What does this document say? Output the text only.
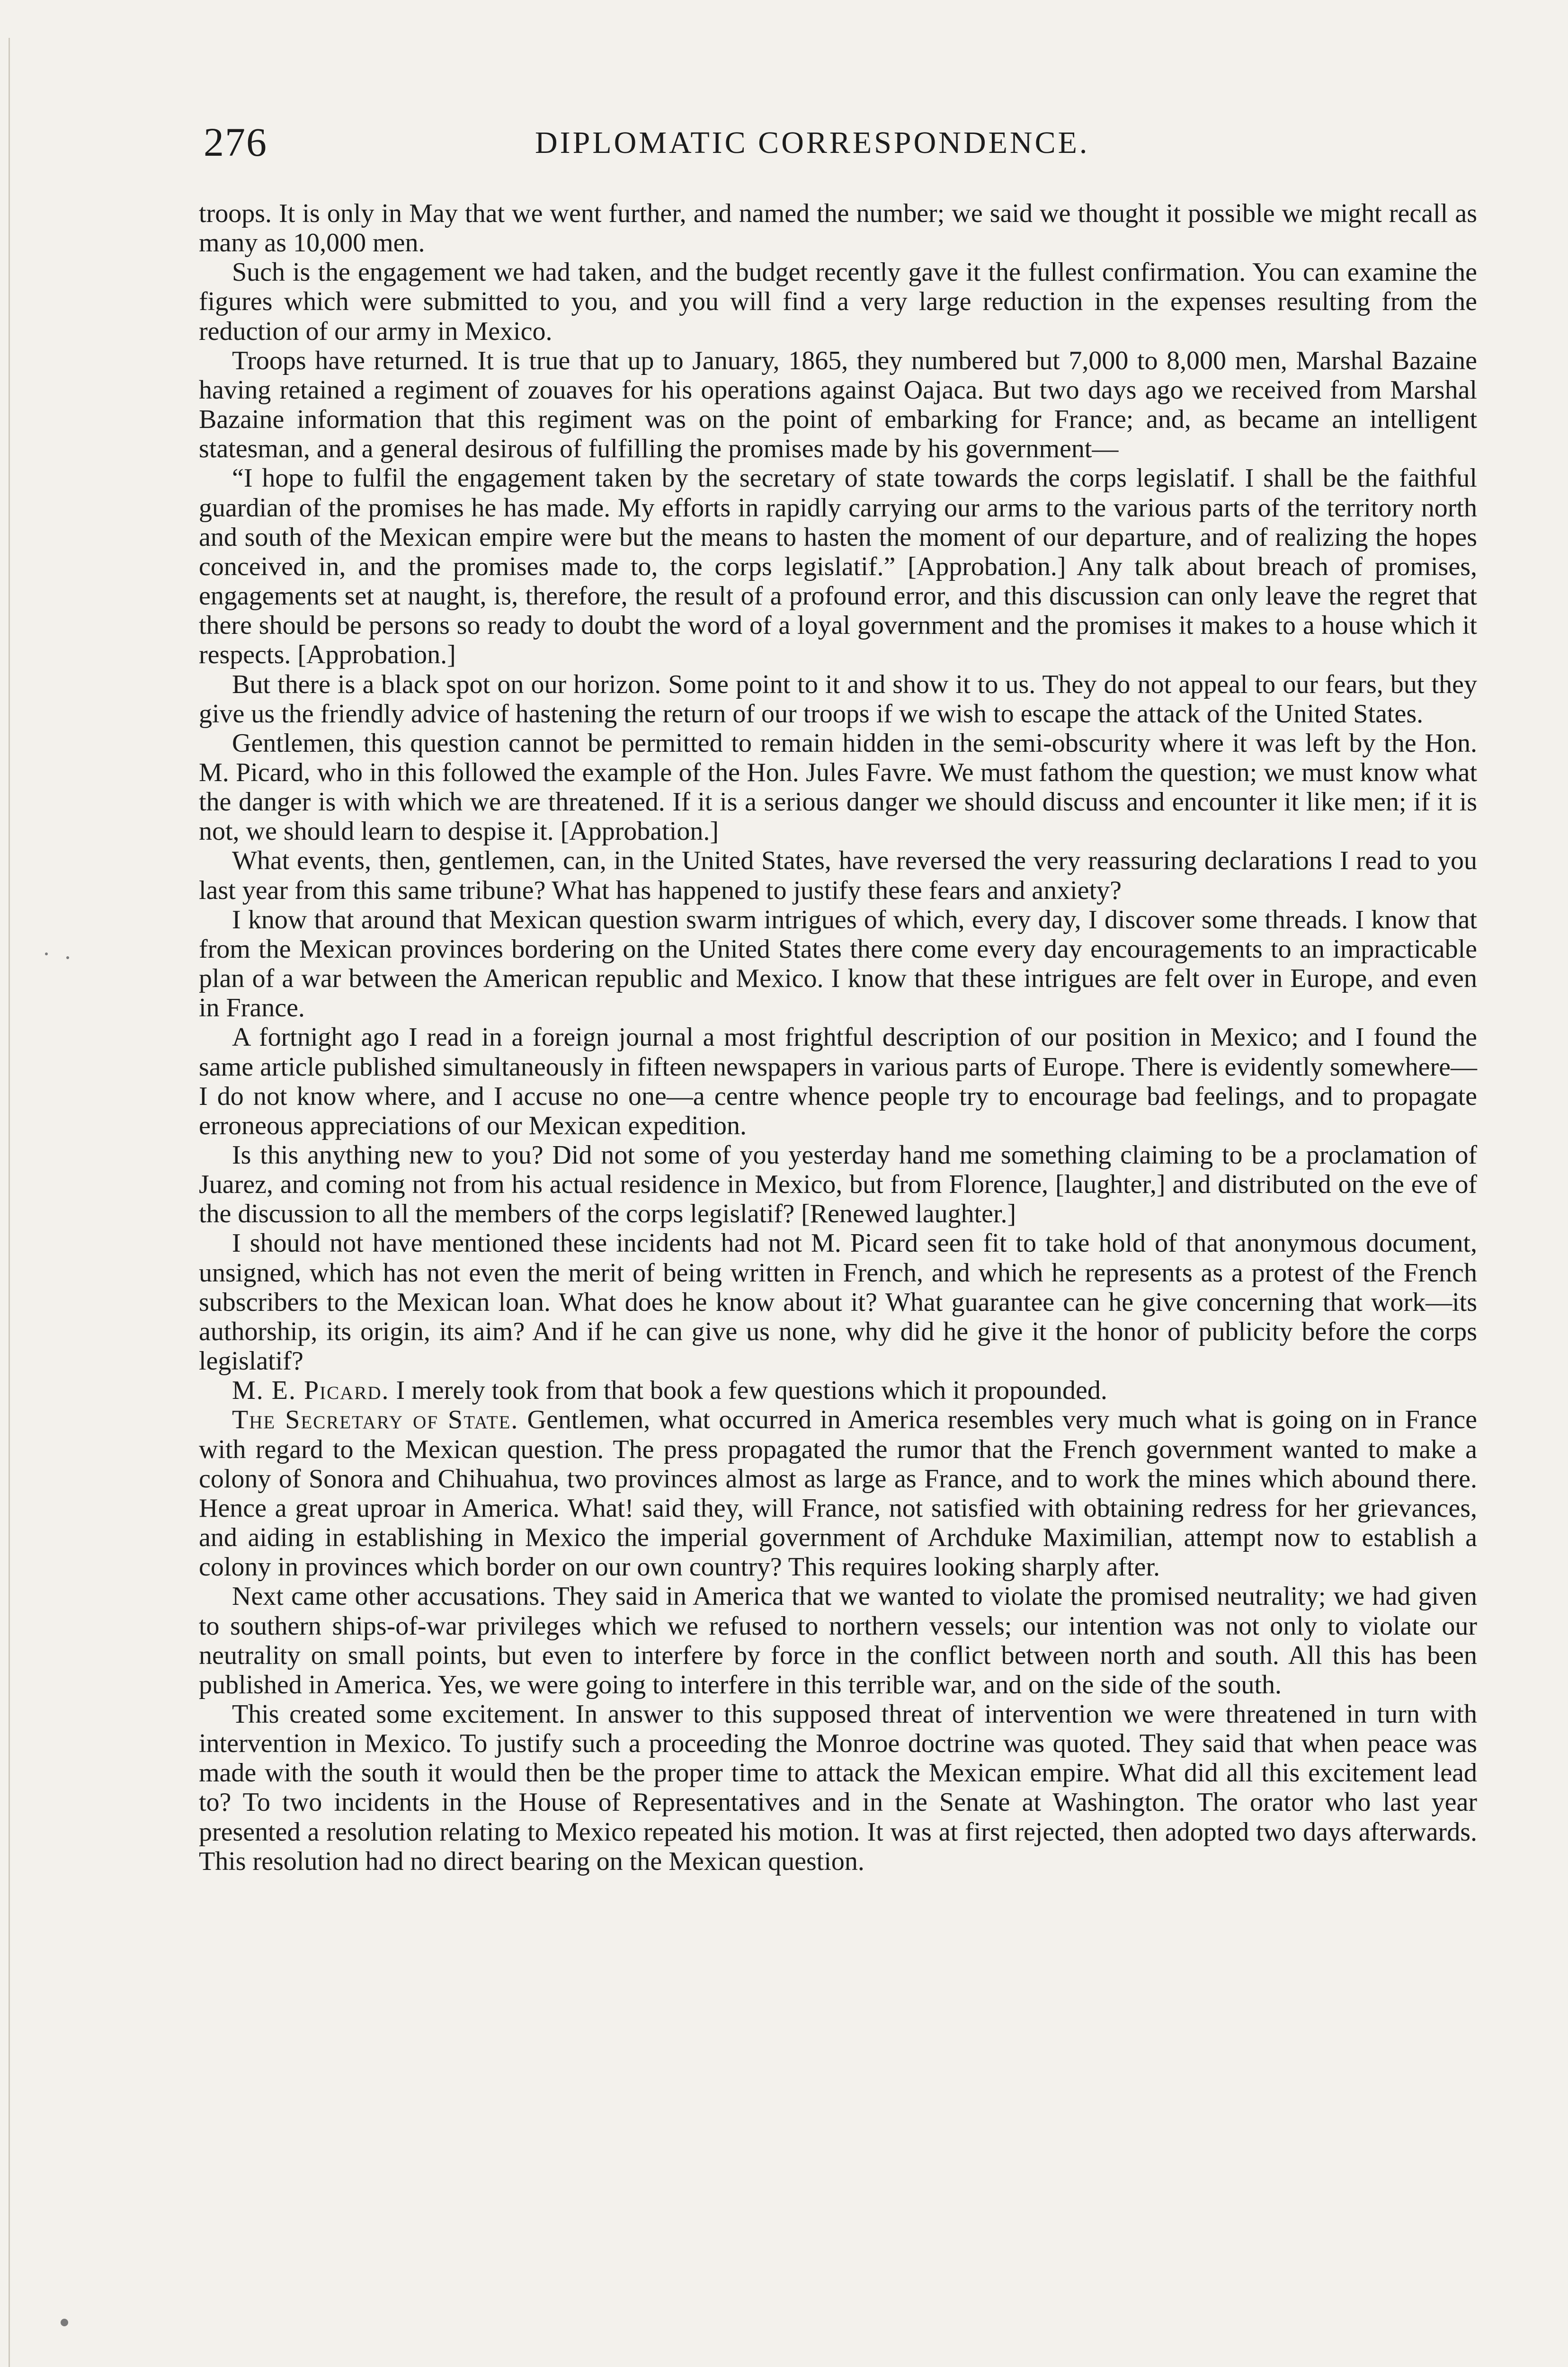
276	DIPLOMATIC CORRESPONDENCE.

troops. It is only in May that we went further, and named the number; we said we thought it possible we might recall as many as 10,000 men.

Such is the engagement we had taken, and the budget recently gave it the fullest confirmation. You can examine the figures which were submitted to you, and you will find a very large reduction in the expenses resulting from the reduction of our army in Mexico.

Troops have returned. It is true that up to January, 1865, they numbered but 7,000 to 8,000 men, Marshal Bazaine having retained a regiment of zouaves for his operations against Oajaca. But two days ago we received from Marshal Bazaine information that this regiment was on the point of embarking for France; and, as became an intelligent statesman, and a general desirous of fulfilling the promises made by his government—

“I hope to fulfil the engagement taken by the secretary of state towards the corps legislatif. I shall be the faithful guardian of the promises he has made. My efforts in rapidly carrying our arms to the various parts of the territory north and south of the Mexican empire were but the means to hasten the moment of our departure, and of realizing the hopes conceived in, and the promises made to, the corps legislatif.” [Approbation.] Any talk about breach of promises, engagements set at naught, is, therefore, the result of a profound error, and this discussion can only leave the regret that there should be persons so ready to doubt the word of a loyal government and the promises it makes to a house which it respects. [Approbation.]

But there is a black spot on our horizon. Some point to it and show it to us. They do not appeal to our fears, but they give us the friendly advice of hastening the return of our troops if we wish to escape the attack of the United States.

Gentlemen, this question cannot be permitted to remain hidden in the semi-obscurity where it was left by the Hon. M. Picard, who in this followed the example of the Hon. Jules Favre. We must fathom the question; we must know what the danger is with which we are threatened. If it is a serious danger we should discuss and encounter it like men; if it is not, we should learn to despise it. [Approbation.]

What events, then, gentlemen, can, in the United States, have reversed the very reassuring declarations I read to you last year from this same tribune? What has happened to justify these fears and anxiety?

I know that around that Mexican question swarm intrigues of which, every day, I discover some threads. I know that from the Mexican provinces bordering on the United States there come every day encouragements to an impracticable plan of a war between the American republic and Mexico. I know that these intrigues are felt over in Europe, and even in France.

A fortnight ago I read in a foreign journal a most frightful description of our position in Mexico; and I found the same article published simultaneously in fifteen newspapers in various parts of Europe. There is evidently somewhere—I do not know where, and I accuse no one—a centre whence people try to encourage bad feelings, and to propagate erroneous appreciations of our Mexican expedition.

Is this anything new to you? Did not some of you yesterday hand me something claiming to be a proclamation of Juarez, and coming not from his actual residence in Mexico, but from Florence, [laughter,] and distributed on the eve of the discussion to all the members of the corps legislatif? [Renewed laughter.]

I should not have mentioned these incidents had not M. Picard seen fit to take hold of that anonymous document, unsigned, which has not even the merit of being written in French, and which he represents as a protest of the French subscribers to the Mexican loan. What does he know about it? What guarantee can he give concerning that work—its authorship, its origin, its aim? And if he can give us none, why did he give it the honor of publicity before the corps legislatif?

M. E. Picard. I merely took from that book a few questions which it propounded.

The Secretary of State. Gentlemen, what occurred in America resembles very much what is going on in France with regard to the Mexican question. The press propagated the rumor that the French government wanted to make a colony of Sonora and Chihuahua, two provinces almost as large as France, and to work the mines which abound there. Hence a great uproar in America. What! said they, will France, not satisfied with obtaining redress for her grievances, and aiding in establishing in Mexico the imperial government of Archduke Maximilian, attempt now to establish a colony in provinces which border on our own country? This requires looking sharply after.

Next came other accusations. They said in America that we wanted to violate the promised neutrality; we had given to southern ships-of-war privileges which we refused to northern vessels; our intention was not only to violate our neutrality on small points, but even to interfere by force in the conflict between north and south. All this has been published in America. Yes, we were going to interfere in this terrible war, and on the side of the south.

This created some excitement. In answer to this supposed threat of intervention we were threatened in turn with intervention in Mexico. To justify such a proceeding the Monroe doctrine was quoted. They said that when peace was made with the south it would then be the proper time to attack the Mexican empire. What did all this excitement lead to? To two incidents in the House of Representatives and in the Senate at Washington. The orator who last year presented a resolution relating to Mexico repeated his motion. It was at first rejected, then adopted two days afterwards. This resolution had no direct bearing on the Mexican question.
